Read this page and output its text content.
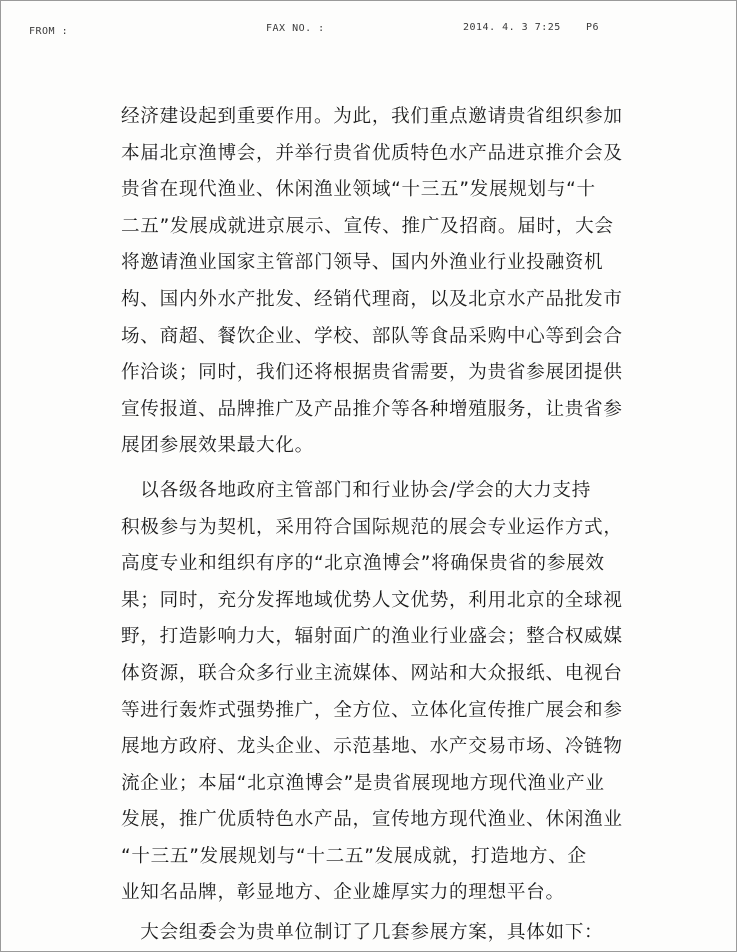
FROM :	FAX NO. :	2014. 4. 3 7:25	P6
经济建设起到重要作用。为此，我们重点邀请贵省组织参加
本届北京渔博会，并举行贵省优质特色水产品进京推介会及
贵省在现代渔业、休闲渔业领域“十三五”发展规划与“十
二五”发展成就进京展示、宣传、推广及招商。届时，大会
将邀请渔业国家主管部门领导、国内外渔业行业投融资机
构、国内外水产批发、经销代理商，以及北京水产品批发市
场、商超、餐饮企业、学校、部队等食品采购中心等到会合
作洽谈；同时，我们还将根据贵省需要，为贵省参展团提供
宣传报道、品牌推广及产品推介等各种增殖服务，让贵省参
展团参展效果最大化。
　以各级各地政府主管部门和行业协会/学会的大力支持
积极参与为契机，采用符合国际规范的展会专业运作方式，
高度专业和组织有序的“北京渔博会”将确保贵省的参展效
果；同时，充分发挥地域优势人文优势，利用北京的全球视
野，打造影响力大，辐射面广的渔业行业盛会；整合权威媒
体资源，联合众多行业主流媒体、网站和大众报纸、电视台
等进行轰炸式强势推广，全方位、立体化宣传推广展会和参
展地方政府、龙头企业、示范基地、水产交易市场、冷链物
流企业；本届“北京渔博会”是贵省展现地方现代渔业产业
发展，推广优质特色水产品，宣传地方现代渔业、休闲渔业
“十三五”发展规划与“十二五”发展成就，打造地方、企
业知名品牌，彰显地方、企业雄厚实力的理想平台。
　大会组委会为贵单位制订了几套参展方案，具体如下：
